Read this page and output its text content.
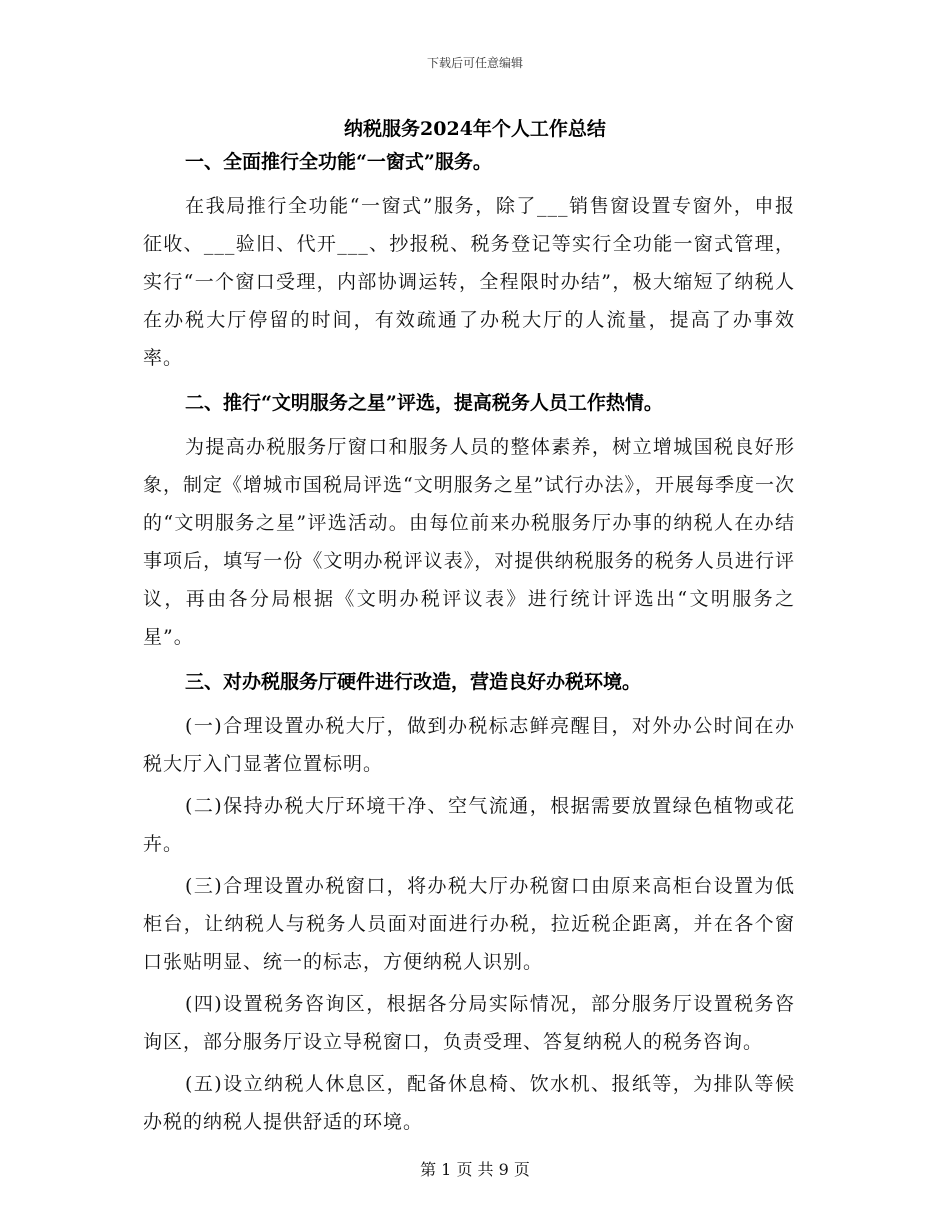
下载后可任意编辑
纳税服务2024年个人工作总结
一、全面推行全功能“一窗式”服务。

在我局推行全功能“一窗式”服务，除了___销售窗设置专窗外，申报征收、___验旧、代开___、抄报税、税务登记等实行全功能一窗式管理，实行“一个窗口受理，内部协调运转，全程限时办结”，极大缩短了纳税人在办税大厅停留的时间，有效疏通了办税大厅的人流量，提高了办事效率。

二、推行“文明服务之星”评选，提高税务人员工作热情。

为提高办税服务厅窗口和服务人员的整体素养，树立增城国税良好形象，制定《增城市国税局评选“文明服务之星”试行办法》，开展每季度一次的“文明服务之星”评选活动。由每位前来办税服务厅办事的纳税人在办结事项后，填写一份《文明办税评议表》，对提供纳税服务的税务人员进行评议，再由各分局根据《文明办税评议表》进行统计评选出“文明服务之星”。

三、对办税服务厅硬件进行改造，营造良好办税环境。

(一)合理设置办税大厅，做到办税标志鲜亮醒目，对外办公时间在办税大厅入门显著位置标明。

(二)保持办税大厅环境干净、空气流通，根据需要放置绿色植物或花卉。

(三)合理设置办税窗口，将办税大厅办税窗口由原来高柜台设置为低柜台，让纳税人与税务人员面对面进行办税，拉近税企距离，并在各个窗口张贴明显、统一的标志，方便纳税人识别。

(四)设置税务咨询区，根据各分局实际情况，部分服务厅设置税务咨询区，部分服务厅设立导税窗口，负责受理、答复纳税人的税务咨询。

(五)设立纳税人休息区，配备休息椅、饮水机、报纸等，为排队等候办税的纳税人提供舒适的环境。

第 1 页 共 9 页
